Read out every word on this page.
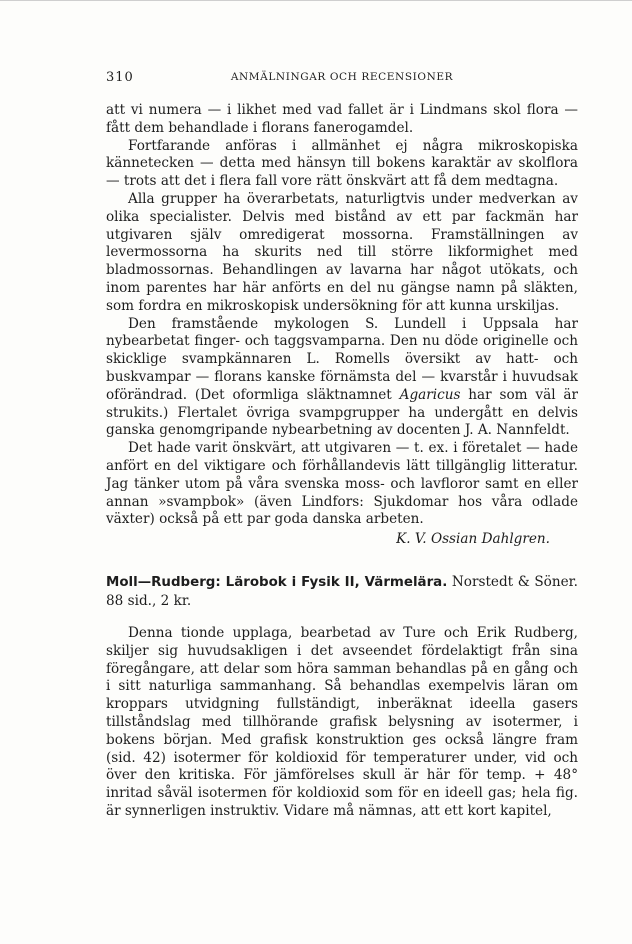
310	ANMÄLNINGAR OCH RECENSIONER

att vi numera — i likhet med vad fallet är i Lindmans skol flora — fått dem behandlade i florans fanerogamdel.

Fortfarande anföras i allmänhet ej några mikroskopiska kännetecken — detta med hänsyn till bokens karaktär av skolflora — trots att det i flera fall vore rätt önskvärt att få dem medtagna.

Alla grupper ha överarbetats, naturligtvis under medverkan av olika specialister. Delvis med bistånd av ett par fackmän har utgivaren själv omredigerat mossorna. Framställningen av levermossorna ha skurits ned till större likformighet med bladmossornas. Behandlingen av lavarna har något utökats, och inom parentes har här anförts en del nu gängse namn på släkten, som fordra en mikroskopisk undersökning för att kunna urskiljas.

Den framstående mykologen S. Lundell i Uppsala har nybearbetat finger- och taggsvamparna. Den nu döde originelle och skicklige svampkännaren L. Romells översikt av hatt- och buskvampar — florans kanske förnämsta del — kvarstår i huvudsak oförändrad. (Det oformliga släktnamnet Agaricus har som väl är strukits.) Flertalet övriga svampgrupper ha undergått en delvis ganska genomgripande nybearbetning av docenten J. A. Nannfeldt.

Det hade varit önskvärt, att utgivaren — t. ex. i företalet — hade anfört en del viktigare och förhållandevis lätt tillgänglig litteratur. Jag tänker utom på våra svenska moss- och lavfloror samt en eller annan »svampbok» (även Lindfors: Sjukdomar hos våra odlade växter) också på ett par goda danska arbeten.

K. V. Ossian Dahlgren.
Moll—Rudberg: Lärobok i Fysik II, Värmelära. Norstedt & Söner. 88 sid., 2 kr.

Denna tionde upplaga, bearbetad av Ture och Erik Rudberg, skiljer sig huvudsakligen i det avseendet fördelaktigt från sina föregångare, att delar som höra samman behandlas på en gång och i sitt naturliga sammanhang. Så behandlas exempelvis läran om kroppars utvidgning fullständigt, inberäknat ideella gasers tillståndslag med tillhörande grafisk belysning av isotermer, i bokens början. Med grafisk konstruktion ges också längre fram (sid. 42) isotermer för koldioxid för temperaturer under, vid och över den kritiska. För jämförelses skull är här för temp. + 48° inritad såväl isotermen för koldioxid som för en ideell gas; hela fig. är synnerligen instruktiv. Vidare må nämnas, att ett kort kapitel,
